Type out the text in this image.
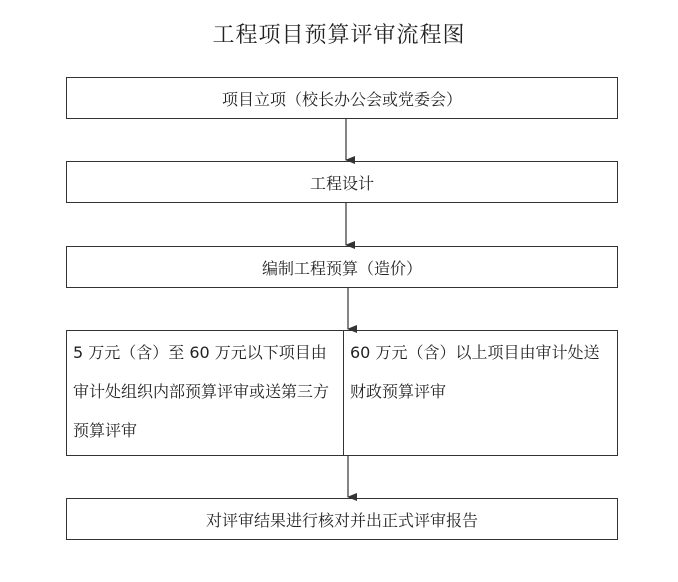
工程项目预算评审流程图
项目立项（校长办公会或党委会）
工程设计
编制工程预算（造价）
5 万元（含）至 60 万元以下项目由审计处组织内部预算评审或送第三方预算评审
60 万元（含）以上项目由审计处送财政预算评审
对评审结果进行核对并出正式评审报告
